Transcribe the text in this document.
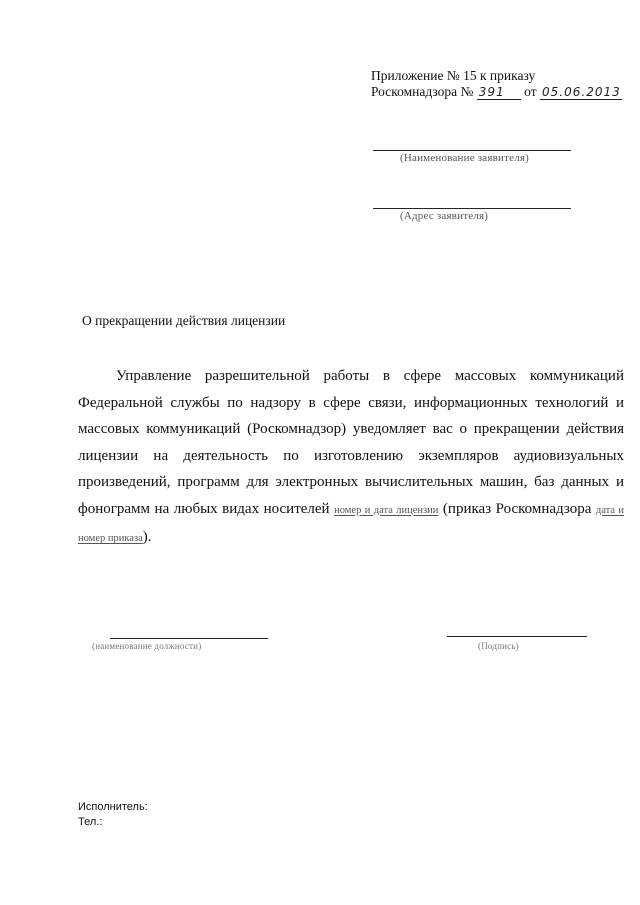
Приложение № 15 к приказу
Роскомнадзора № 391 от 05.06.2013
(Наименование заявителя)
(Адрес заявителя)
О прекращении действия лицензии

Управление разрешительной работы в сфере массовых коммуникаций Федеральной службы по надзору в сфере связи, информационных технологий и массовых коммуникаций (Роскомнадзор) уведомляет вас о прекращении действия лицензии на деятельность по изготовлению экземпляров аудиовизуальных произведений, программ для электронных вычислительных машин, баз данных и фонограмм на любых видах носителей номер и дата лицензии (приказ Роскомнадзора дата и номер приказа).

(наименование должности)	(Подпись)
Исполнитель:
Тел.:
